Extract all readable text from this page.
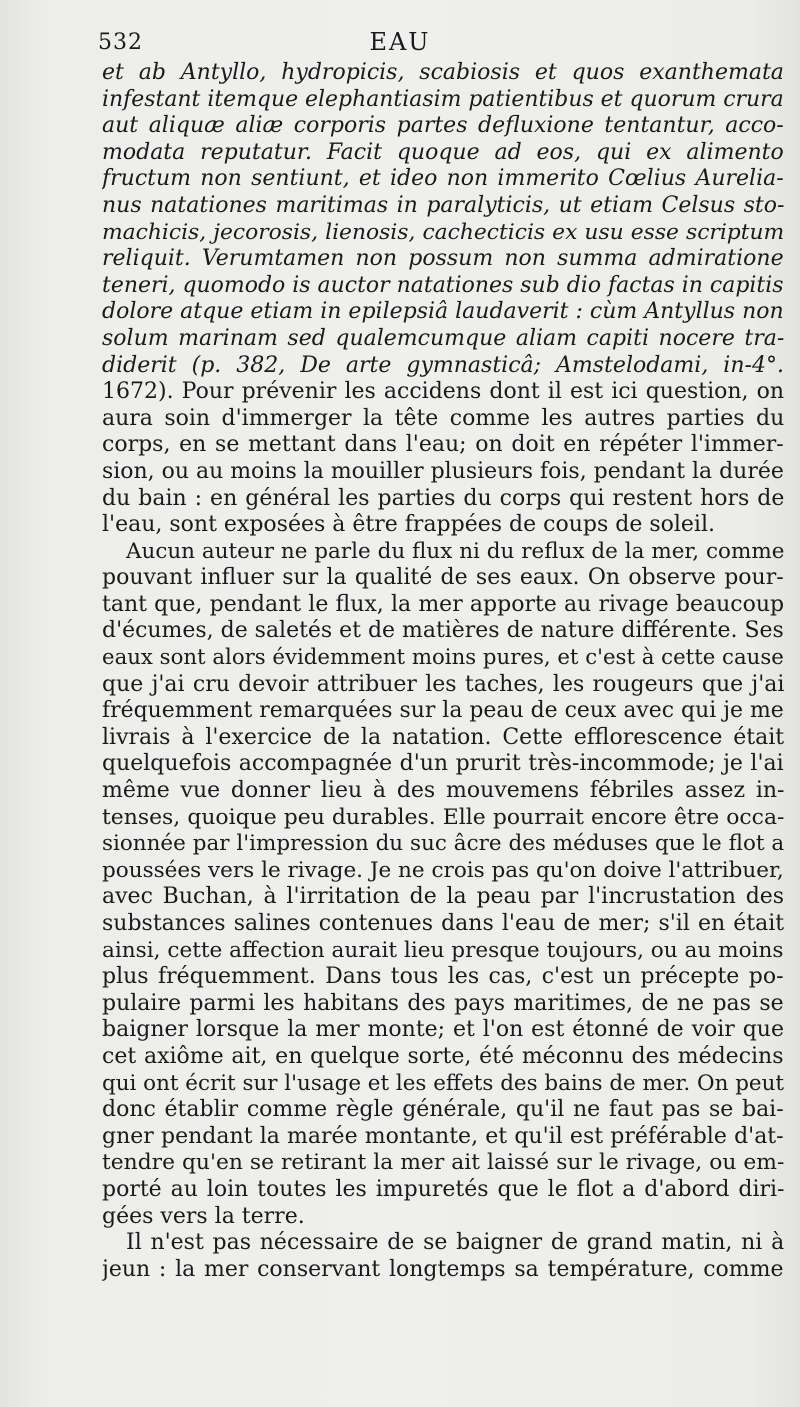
532	EAU
et ab Antyllo, hydropicis, scabiosis et quos exanthemata
infestant itemque elephantiasim patientibus et quorum crura
aut aliquæ aliæ corporis partes defluxione tentantur, acco-
modata reputatur. Facit quoque ad eos, qui ex alimento
fructum non sentiunt, et ideo non immerito Cœlius Aurelia-
nus natationes maritimas in paralyticis, ut etiam Celsus sto-
machicis, jecorosis, lienosis, cachecticis ex usu esse scriptum
reliquit. Verumtamen non possum non summa admiratione
teneri, quomodo is auctor natationes sub dio factas in capitis
dolore atque etiam in epilepsiâ laudaverit : cùm Antyllus non
solum marinam sed qualemcumque aliam capiti nocere tra-
diderit (p. 382, De arte gymnasticâ; Amstelodami, in-4°.
1672). Pour prévenir les accidens dont il est ici question, on
aura soin d'immerger la tête comme les autres parties du
corps, en se mettant dans l'eau; on doit en répéter l'immer-
sion, ou au moins la mouiller plusieurs fois, pendant la durée
du bain : en général les parties du corps qui restent hors de
l'eau, sont exposées à être frappées de coups de soleil.
Aucun auteur ne parle du flux ni du reflux de la mer, comme
pouvant influer sur la qualité de ses eaux. On observe pour-
tant que, pendant le flux, la mer apporte au rivage beaucoup
d'écumes, de saletés et de matières de nature différente. Ses
eaux sont alors évidemment moins pures, et c'est à cette cause
que j'ai cru devoir attribuer les taches, les rougeurs que j'ai
fréquemment remarquées sur la peau de ceux avec qui je me
livrais à l'exercice de la natation. Cette efflorescence était
quelquefois accompagnée d'un prurit très-incommode; je l'ai
même vue donner lieu à des mouvemens fébriles assez in-
tenses, quoique peu durables. Elle pourrait encore être occa-
sionnée par l'impression du suc âcre des méduses que le flot a
poussées vers le rivage. Je ne crois pas qu'on doive l'attribuer,
avec Buchan, à l'irritation de la peau par l'incrustation des
substances salines contenues dans l'eau de mer; s'il en était
ainsi, cette affection aurait lieu presque toujours, ou au moins
plus fréquemment. Dans tous les cas, c'est un précepte po-
pulaire parmi les habitans des pays maritimes, de ne pas se
baigner lorsque la mer monte; et l'on est étonné de voir que
cet axiôme ait, en quelque sorte, été méconnu des médecins
qui ont écrit sur l'usage et les effets des bains de mer. On peut
donc établir comme règle générale, qu'il ne faut pas se bai-
gner pendant la marée montante, et qu'il est préférable d'at-
tendre qu'en se retirant la mer ait laissé sur le rivage, ou em-
porté au loin toutes les impuretés que le flot a d'abord diri-
gées vers la terre.
Il n'est pas nécessaire de se baigner de grand matin, ni à
jeun : la mer conservant longtemps sa température, comme
